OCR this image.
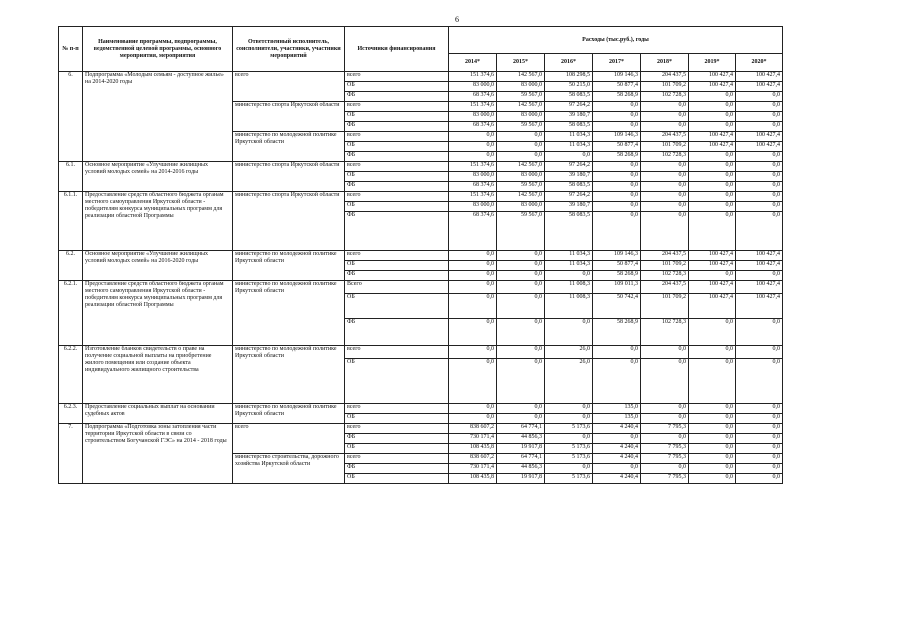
6
№ п-п	Наименование программы, подпрограммы, ведомственной целевой программы, основного мероприятия, мероприятия	Ответственный исполнитель, соисполнители, участники, участники мероприятий	Источники финансирования	Расходы (тыс.руб.), годы						
				2014*	2015*	2016*	2017*	2018*	2019*	2020*
6.	Подпрограмма «Молодым семьям - доступное жилье» на 2014-2020 годы	всего	всего	151 374,6	142 567,0	108 298,5	109 146,3	204 437,5	100 427,4	100 427,4
			ОБ	83 000,0	83 000,0	50 215,0	50 877,4	101 709,2	100 427,4	100 427,4
			ФБ	68 374,6	59 567,0	58 083,5	58 268,9	102 728,3	0,0	0,0
		министерство спорта Иркутской области	всего	151 374,6	142 567,0	97 264,2	0,0	0,0	0,0	0,0
			ОБ	83 000,0	83 000,0	39 180,7	0,0	0,0	0,0	0,0
			ФБ	68 374,6	59 567,0	58 083,5	0,0	0,0	0,0	0,0
		министерство по молодежной политике Иркутской области	всего	0,0	0,0	11 034,3	109 146,3	204 437,5	100 427,4	100 427,4
			ОБ	0,0	0,0	11 034,3	50 877,4	101 709,2	100 427,4	100 427,4
			ФБ	0,0	0,0	0,0	58 268,9	102 728,3	0,0	0,0
6.1.	Основное мероприятие «Улучшение жилищных условий молодых семей» на 2014-2016 годы	министерство спорта Иркутской области	всего	151 374,6	142 567,0	97 264,2	0,0	0,0	0,0	0,0
			ОБ	83 000,0	83 000,0	39 180,7	0,0	0,0	0,0	0,0
			ФБ	68 374,6	59 567,0	58 083,5	0,0	0,0	0,0	0,0
6.1.1.	Предоставление средств областного бюджета органам местного самоуправления Иркутской области - победителям конкурса муниципальных программ для реализации областной Программы	министерство спорта Иркутской области	всего	151 374,6	142 567,0	97 264,2	0,0	0,0	0,0	0,0
			ОБ	83 000,0	83 000,0	39 180,7	0,0	0,0	0,0	0,0
			ФБ	68 374,6	59 567,0	58 083,5	0,0	0,0	0,0	0,0
6.2.	Основное мероприятие «Улучшение жилищных условий молодых семей» на 2016-2020 годы	министерство по молодежной политике Иркутской области	всего	0,0	0,0	11 034,3	109 146,3	204 437,5	100 427,4	100 427,4
			ОБ	0,0	0,0	11 034,3	50 877,4	101 709,2	100 427,4	100 427,4
			ФБ	0,0	0,0	0,0	58 268,9	102 728,3	0,0	0,0
6.2.1.	Предоставление средств областного бюджета органам местного самоуправления Иркутской области - победителям конкурса муниципальных программ для реализации областной Программы	министерство по молодежной политике Иркутской области	Всего	0,0	0,0	11 008,3	109 011,3	204 437,5	100 427,4	100 427,4
			ОБ	0,0	0,0	11 008,3	50 742,4	101 709,2	100 427,4	100 427,4
			ФБ	0,0	0,0	0,0	58 268,9	102 728,3	0,0	0,0
6.2.2.	Изготовление бланков свидетельств о праве на получение социальной выплаты на приобретение жилого помещения или создание объекта индивидуального жилищного строительства	министерство по молодежной политике Иркутской области	всего	0,0	0,0	26,0	0,0	0,0	0,0	0,0
			ОБ	0,0	0,0	26,0	0,0	0,0	0,0	0,0
6.2.3.	Предоставление социальных выплат на основании судебных актов	министерство по молодежной политике Иркутской области	всего	0,0	0,0	0,0	135,0	0,0	0,0	0,0
			ОБ	0,0	0,0	0,0	135,0	0,0	0,0	0,0
7.	Подпрограмма «Подготовка зоны затопления части территории Иркутской области в связи со строительством Богучанской ГЭС» на 2014 - 2018 годы	всего	всего	838 607,2	64 774,1	5 173,6	4 240,4	7 795,3	0,0	0,0
			ФБ	730 171,4	44 856,3	0,0	0,0	0,0	0,0	0,0
			ОБ	108 435,8	19 917,8	5 173,6	4 240,4	7 795,3	0,0	0,0
		министерство строительства, дорожного хозяйства Иркутской области	всего	838 607,2	64 774,1	5 173,6	4 240,4	7 795,3	0,0	0,0
			ФБ	730 171,4	44 856,3	0,0	0,0	0,0	0,0	0,0
			ОБ	108 435,8	19 917,8	5 173,6	4 240,4	7 795,3	0,0	0,0
